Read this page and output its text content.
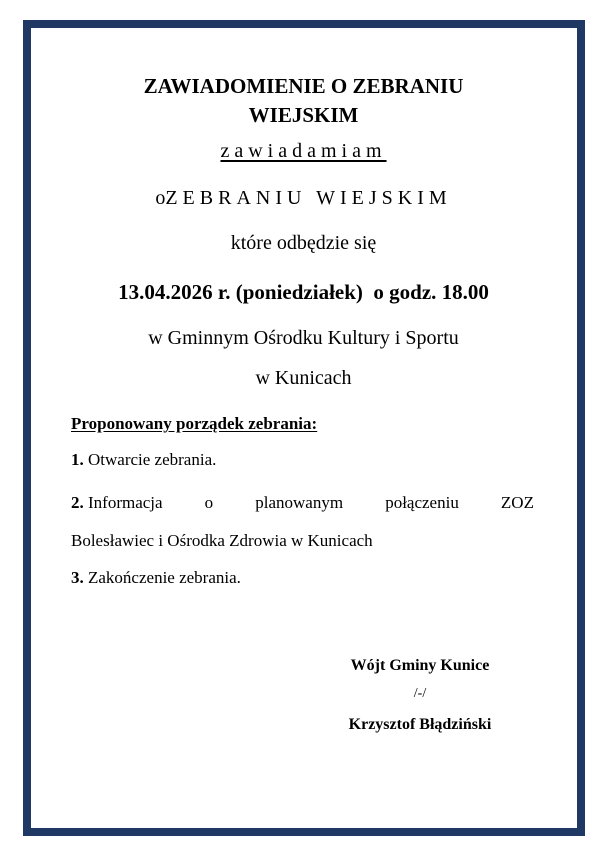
ZAWIADOMIENIE O ZEBRANIU
WIEJSKIM
zawiadamiam
oZEBRANIU WIEJSKIM
które odbędzie się
13.04.2026 r. (poniedziałek)  o godz. 18.00
w Gminnym Ośrodku Kultury i Sportu
w Kunicach
Proponowany porządek zebrania:
1. Otwarcie zebrania.
2. Informacja o planowanym połączeniu ZOZ
Bolesławiec i Ośrodka Zdrowia w Kunicach
3. Zakończenie zebrania.
Wójt Gminy Kunice
/-/
Krzysztof Błądziński
